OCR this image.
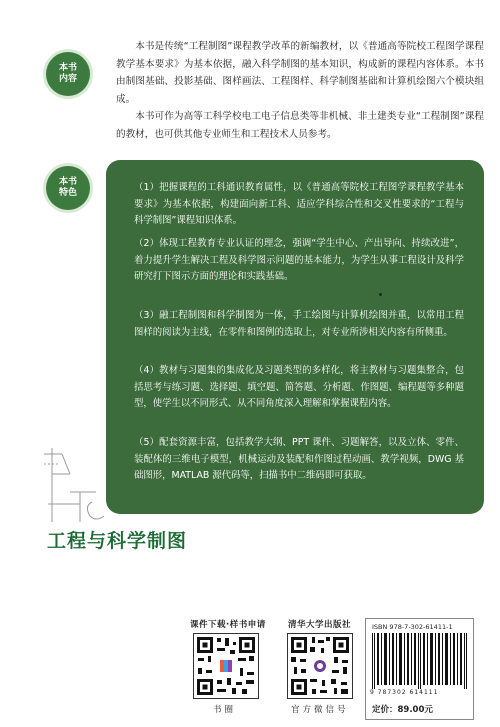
本书内容
本书特色

本书是传统“工程制图”课程教学改革的新编教材，以《普通高等院校工程图学课程教学基本要求》为基本依据，融入科学制图的基本知识，构成新的课程内容体系。本书由制图基础、投影基础、图样画法、工程图样、科学制图基础和计算机绘图六个模块组成。

本书可作为高等工科学校电工电子信息类等非机械、非土建类专业“工程制图”课程的教材，也可供其他专业师生和工程技术人员参考。

（1）把握课程的工科通识教育属性，以《普通高等院校工程图学课程教学基本要求》为基本依据，构建面向新工科、适应学科综合性和交叉性要求的“工程与科学制图”课程知识体系。
（2）体现工程教育专业认证的理念，强调“学生中心、产出导向、持续改进”，着力提升学生解决工程及科学图示问题的基本能力，为学生从事工程设计及科学研究打下图示方面的理论和实践基础。
（3）融工程制图和科学制图为一体，手工绘图与计算机绘图并重，以常用工程图样的阅读为主线，在零件和图例的选取上，对专业所涉相关内容有所侧重。
（4）教材与习题集的集成化及习题类型的多样化，将主教材与习题集整合，包括思考与练习题、选择题、填空题、简答题、分析题、作图题、编程题等多种题型，使学生以不同形式、从不同角度深入理解和掌握课程内容。
（5）配套资源丰富，包括教学大纲、PPT 课件、习题解答，以及立体、零件、装配体的三维电子模型，机械运动及装配和作图过程动画、教学视频，DWG 基础图形，MATLAB 源代码等，扫描书中二维码即可获取。
工程与科学制图
课件下载·样书申请
书圈
清华大学出版社
官方微信号
ISBN 978-7-302-61411-1
9 787302 614111
定价：89.00元
